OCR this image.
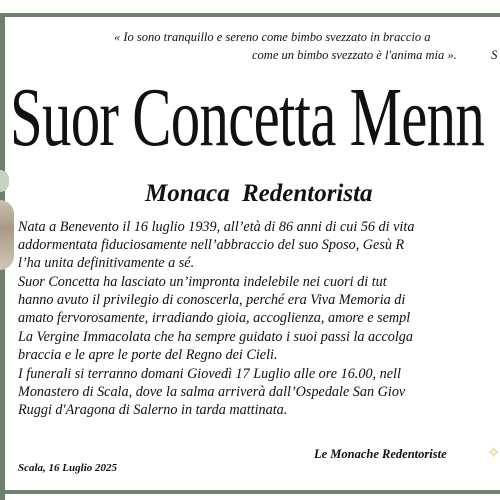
« Io sono tranquillo e sereno come bimbo svezzato in braccio a
come un bimbo svezzato è l'anima mia ».	S
Suor Concetta Menn
Monaca Redentorista
Nata a Benevento il 16 luglio 1939, all’età di 86 anni di cui 56 di vita
addormentata fiduciosamente nell’abbraccio del suo Sposo, Gesù R
l’ha unita definitivamente a sé.
Suor Concetta ha lasciato un’impronta indelebile nei cuori di tut
hanno avuto il privilegio di conoscerla, perché era Viva Memoria di
amato fervorosamente, irradiando gioia, accoglienza, amore e sempl
La Vergine Immacolata che ha sempre guidato i suoi passi la accolga
braccia e le apre le porte del Regno dei Cieli.
I funerali si terranno domani Giovedì 17 Luglio alle ore 16.00, nell
Monastero di Scala, dove la salma arriverà dall’Ospedale San Giov
Ruggi d'Aragona di Salerno in tarda mattinata.
Le Monache Redentoriste
Scala, 16 Luglio 2025
✧
